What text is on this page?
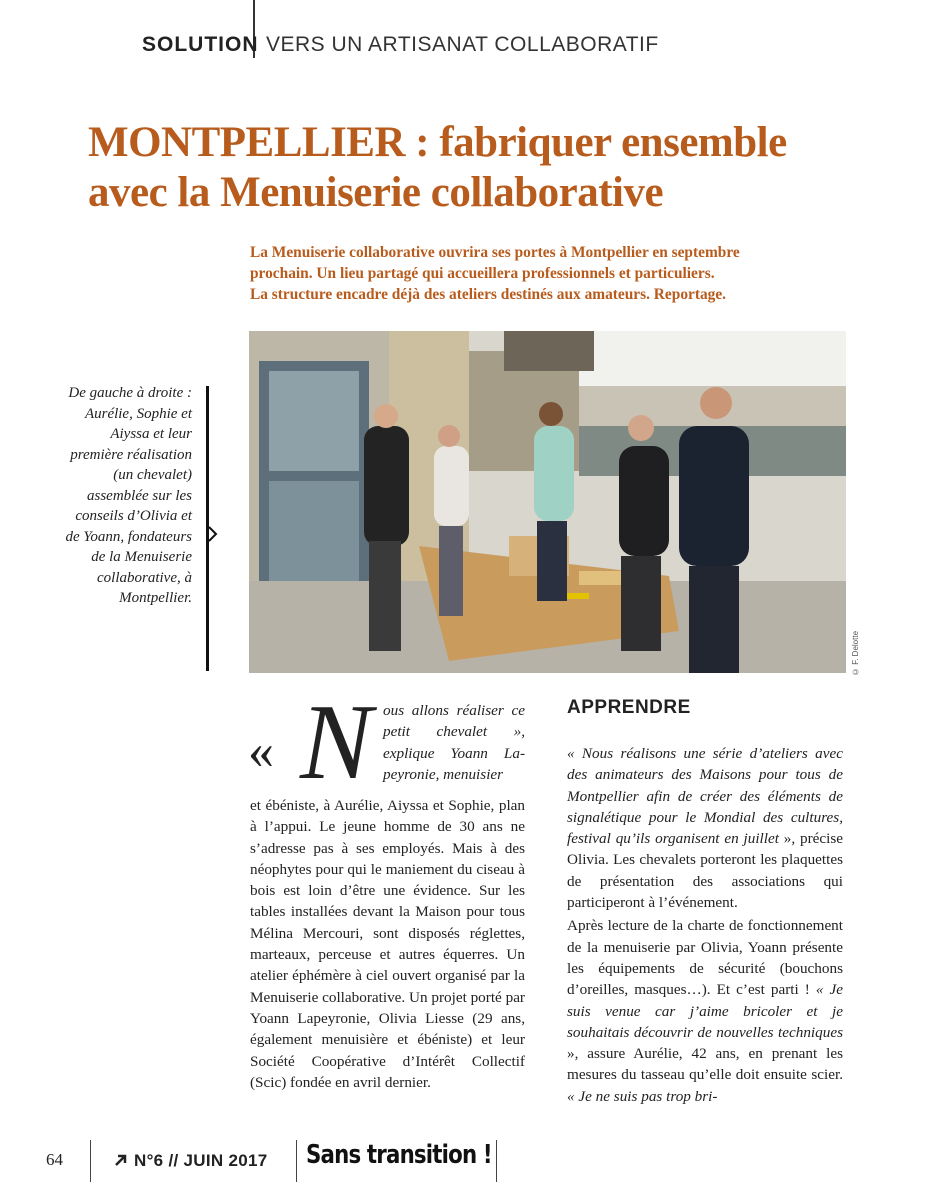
SOLUTION VERS UN ARTISANAT COLLABORATIF
MONTPELLIER : fabriquer ensemble
avec la Menuiserie collaborative
La Menuiserie collaborative ouvrira ses portes à Montpellier en septembre
prochain. Un lieu partagé qui accueillera professionnels et particuliers.
La structure encadre déjà des ateliers destinés aux amateurs. Reportage.
© F. Delotte
De gauche à droite : Aurélie, Sophie et Aiyssa et leur première réalisation (un chevalet) assemblée sur les conseils d’Olivia et de Yoann, fondateurs de la Menuiserie collaborative, à Montpellier.
« N ous allons réaliser ce petit chevalet », explique Yoann La-peyronie, menuisier
et ébéniste, à Aurélie, Aiyssa et Sophie, plan à l’appui. Le jeune homme de 30 ans ne s’adresse pas à ses employés. Mais à des néophytes pour qui le maniement du ciseau à bois est loin d’être une évidence. Sur les tables installées devant la Maison pour tous Mélina Mercouri, sont disposés réglettes, marteaux, perceuse et autres équerres. Un atelier éphémère à ciel ouvert organisé par la Menuiserie collaborative. Un projet porté par Yoann Lapeyronie, Olivia Liesse (29 ans, également menuisière et ébéniste) et leur Société Coopérative d’Intérêt Collectif (Scic) fondée en avril dernier.
APPRENDRE

« Nous réalisons une série d’ateliers avec des animateurs des Maisons pour tous de Montpellier afin de créer des éléments de signalétique pour le Mondial des cultures, festival qu’ils organisent en juillet », précise Olivia. Les chevalets porteront les plaquettes de présentation des associations qui participeront à l’événement.

Après lecture de la charte de fonctionnement de la menuiserie par Olivia, Yoann présente les équipements de sécurité (bouchons d’oreilles, masques…). Et c’est parti ! « Je suis venue car j’aime bricoler et je souhaitais découvrir de nouvelles techniques », assure Aurélie, 42 ans, en prenant les mesures du tasseau qu’elle doit ensuite scier. « Je ne suis pas trop bri-

64	N°6 // JUIN 2017 Sans transition !
